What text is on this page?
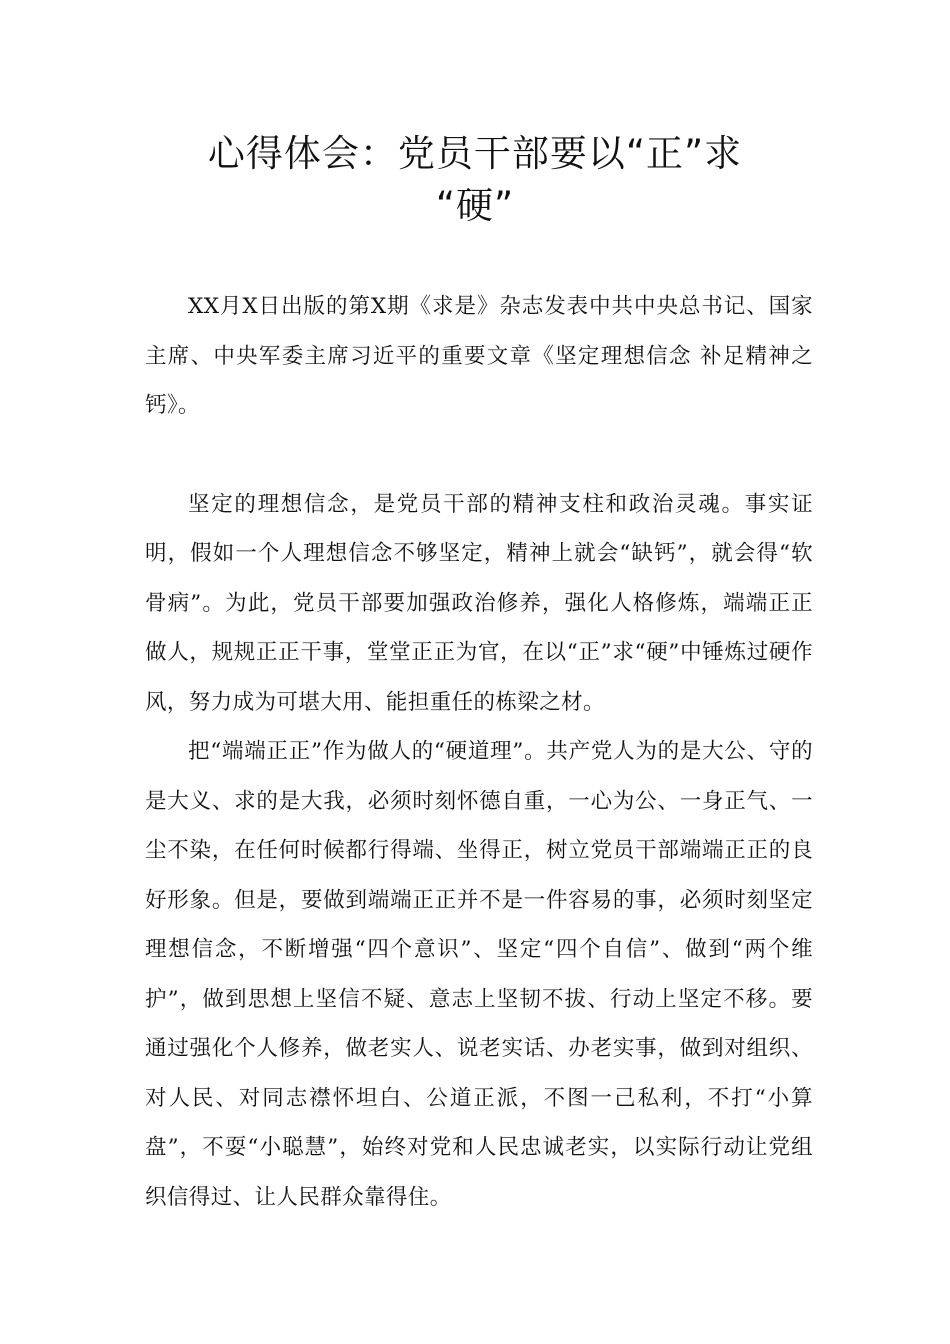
心得体会：党员干部要以“正”求
“硬”

XX月X日出版的第X期《求是》杂志发表中共中央总书记、国家主席、中央军委主席习近平的重要文章《坚定理想信念 补足精神之钙》。

坚定的理想信念，是党员干部的精神支柱和政治灵魂。事实证明，假如一个人理想信念不够坚定，精神上就会“缺钙”，就会得“软骨病”。为此，党员干部要加强政治修养，强化人格修炼，端端正正做人，规规正正干事，堂堂正正为官，在以“正”求“硬”中锤炼过硬作风，努力成为可堪大用、能担重任的栋梁之材。

把“端端正正”作为做人的“硬道理”。共产党人为的是大公、守的是大义、求的是大我，必须时刻怀德自重，一心为公、一身正气、一尘不染，在任何时候都行得端、坐得正，树立党员干部端端正正的良好形象。但是，要做到端端正正并不是一件容易的事，必须时刻坚定理想信念，不断增强“四个意识”、坚定“四个自信”、做到“两个维护”，做到思想上坚信不疑、意志上坚韧不拔、行动上坚定不移。要通过强化个人修养，做老实人、说老实话、办老实事，做到对组织、对人民、对同志襟怀坦白、公道正派，不图一己私利，不打“小算盘”，不耍“小聪慧”，始终对党和人民忠诚老实，以实际行动让党组织信得过、让人民群众靠得住。
